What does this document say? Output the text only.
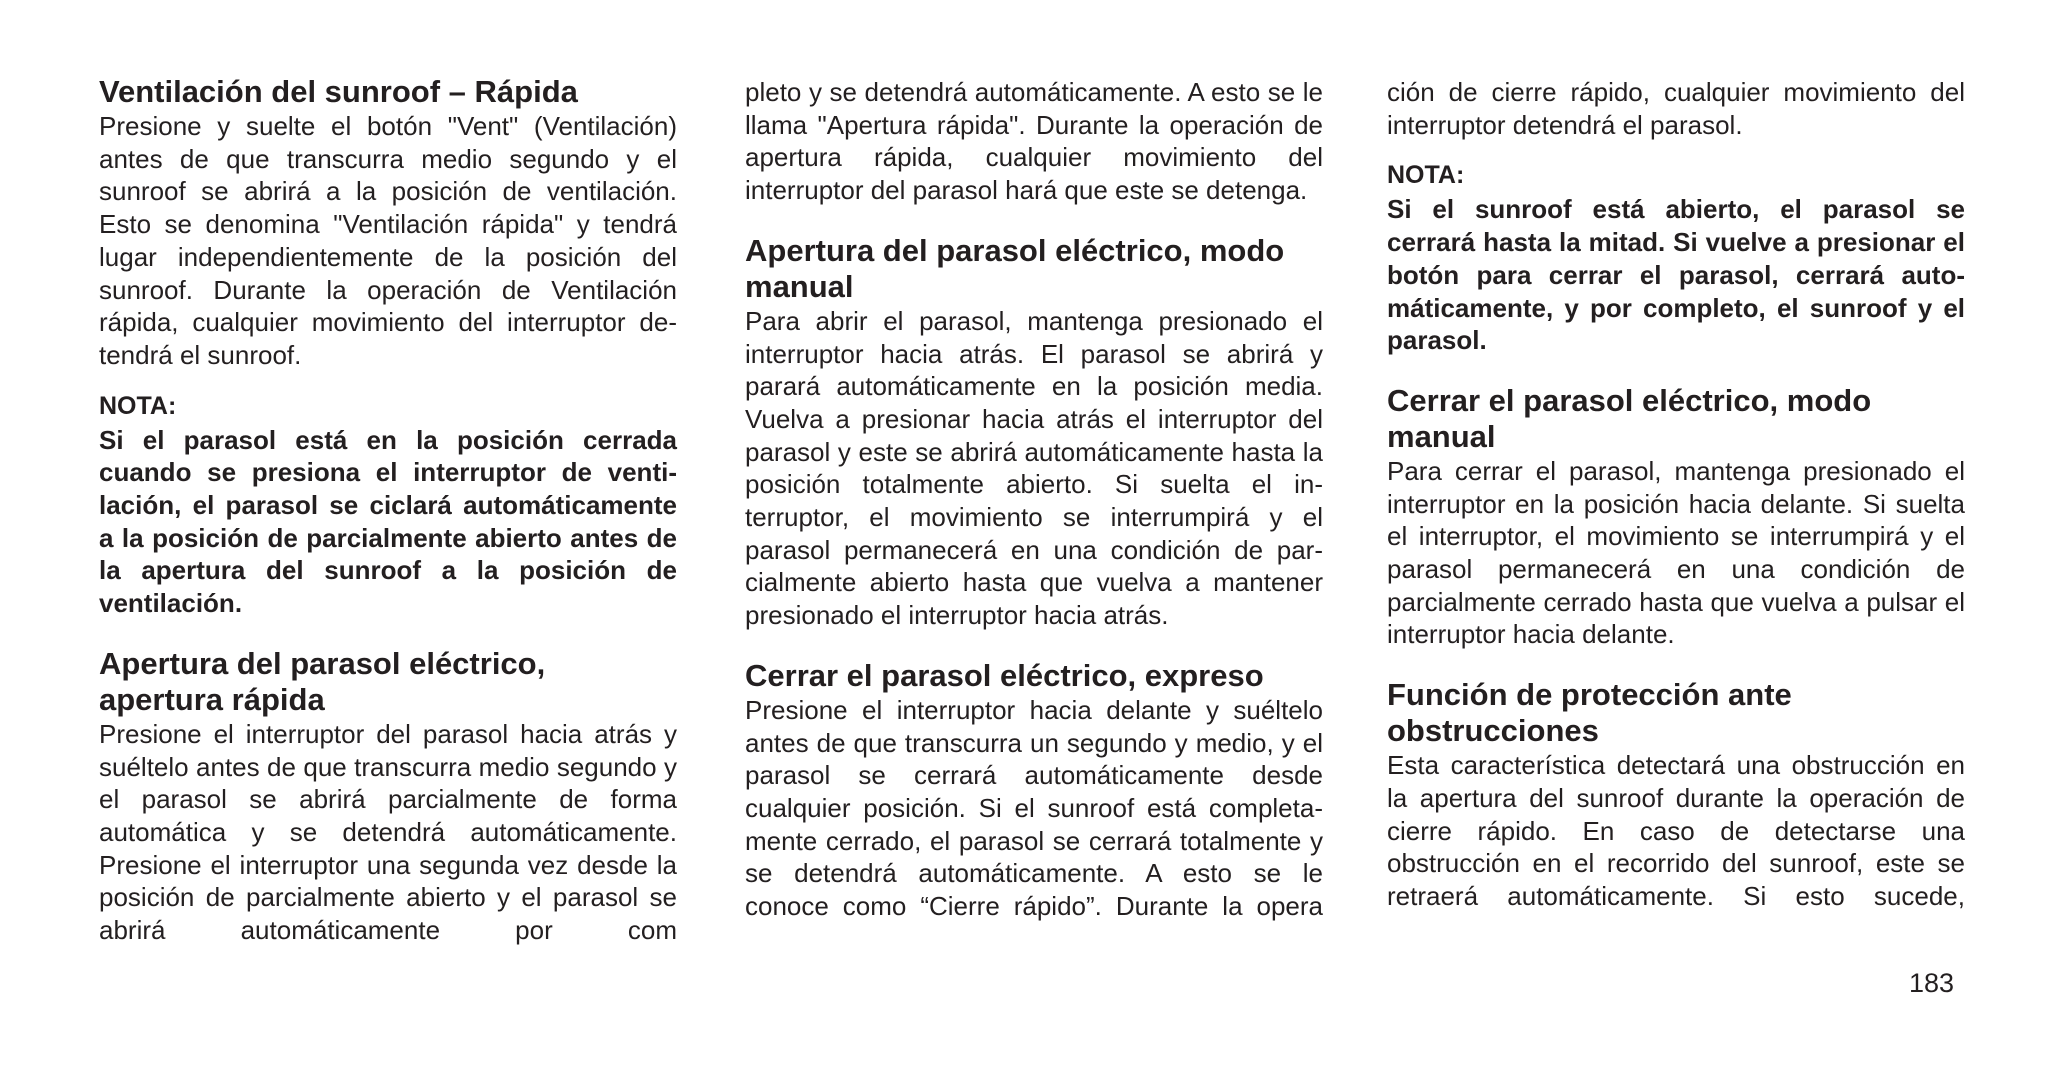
Ventilación del sunroof – Rápida

Presione y suelte el botón "Vent" (Ventilación) antes de que transcurra medio segundo y el sunroof se abrirá a la posición de ventilación. Esto se denomina "Ventilación rápida" y tendrá lugar independientemente de la posición del sunroof. Durante la operación de Ventilación rápida, cualquier movimiento del interruptor detendrá el sunroof.

NOTA:

Si el parasol está en la posición cerrada cuando se presiona el interruptor de ventilación, el parasol se ciclará automáticamente a la posición de parcialmente abierto antes de la apertura del sunroof a la posición de ventilación.

Apertura del parasol eléctrico, apertura rápida

Presione el interruptor del parasol hacia atrás y suéltelo antes de que transcurra medio segundo y el parasol se abrirá parcialmente de forma automática y se detendrá automáticamente. Presione el interruptor una segunda vez desde la posición de parcialmente abierto y el parasol se abrirá automáticamente por com

pleto y se detendrá automáticamente. A esto se le llama "Apertura rápida". Durante la operación de apertura rápida, cualquier movimiento del interruptor del parasol hará que este se detenga.

Apertura del parasol eléctrico, modo manual

Para abrir el parasol, mantenga presionado el interruptor hacia atrás. El parasol se abrirá y parará automáticamente en la posición media. Vuelva a presionar hacia atrás el interruptor del parasol y este se abrirá automáticamente hasta la posición totalmente abierto. Si suelta el interruptor, el movimiento se interrumpirá y el parasol permanecerá en una condición de parcialmente abierto hasta que vuelva a mantener presionado el interruptor hacia atrás.

Cerrar el parasol eléctrico, expreso

Presione el interruptor hacia delante y suéltelo antes de que transcurra un segundo y medio, y el parasol se cerrará automáticamente desde cualquier posición. Si el sunroof está completamente cerrado, el parasol se cerrará totalmente y se detendrá automáticamente. A esto se le conoce como “Cierre rápido”. Durante la opera

ción de cierre rápido, cualquier movimiento del interruptor detendrá el parasol.

NOTA:

Si el sunroof está abierto, el parasol se cerrará hasta la mitad. Si vuelve a presionar el botón para cerrar el parasol, cerrará automáticamente, y por completo, el sunroof y el parasol.

Cerrar el parasol eléctrico, modo manual

Para cerrar el parasol, mantenga presionado el interruptor en la posición hacia delante. Si suelta el interruptor, el movimiento se interrumpirá y el parasol permanecerá en una condición de parcialmente cerrado hasta que vuelva a pulsar el interruptor hacia delante.

Función de protección ante obstrucciones

Esta característica detectará una obstrucción en la apertura del sunroof durante la operación de cierre rápido. En caso de detectarse una obstrucción en el recorrido del sunroof, este se retraerá automáticamente. Si esto sucede,

183
